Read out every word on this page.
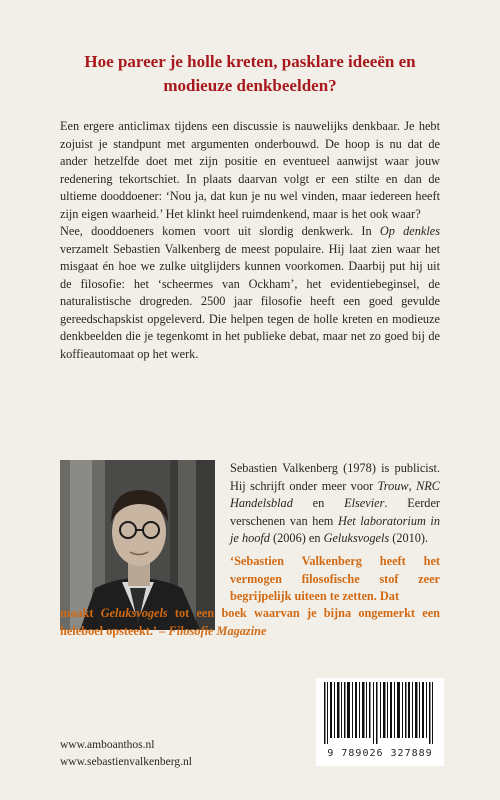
Hoe pareer je holle kreten, pasklare ideeën en modieuze denkbeelden?

Een ergere anticlimax tijdens een discussie is nauwelijks denkbaar. Je hebt zojuist je standpunt met argumenten onderbouwd. De hoop is nu dat de ander hetzelfde doet met zijn positie en eventueel aanwijst waar jouw redenering tekortschiet. In plaats daarvan volgt er een stilte en dan de ultieme dooddoener: ‘Nou ja, dat kun je nu wel vinden, maar iedereen heeft zijn eigen waarheid.’ Het klinkt heel ruimdenkend, maar is het ook waar?

Nee, dooddoeners komen voort uit slordig denkwerk. In Op denkles verzamelt Sebastien Valkenberg de meest populaire. Hij laat zien waar het misgaat én hoe we zulke uitglijders kunnen voorkomen. Daarbij put hij uit de filosofie: het ‘scheermes van Ockham’, het evidentiebeginsel, de naturalistische drogreden. 2500 jaar filosofie heeft een goed gevulde gereedschapskist opgeleverd. Die helpen tegen de holle kreten en modieuze denkbeelden die je tegenkomt in het publieke debat, maar net zo goed bij de koffieautomaat op het werk.

Sebastien Valkenberg (1978) is publicist. Hij schrijft onder meer voor Trouw, NRC Handelsblad en Elsevier. Eerder verschenen van hem Het laboratorium in je hoofd (2006) en Geluksvogels (2010).

‘Sebastien Valkenberg heeft het vermogen filosofische stof zeer begrijpelijk uiteen te zetten. Dat

maakt Geluksvogels tot een boek waarvan je bijna ongemerkt een heleboel opsteekt.’ – Filosofie Magazine

www.amboanthos.nl
www.sebastienvalkenberg.nl
9 789026 327889
